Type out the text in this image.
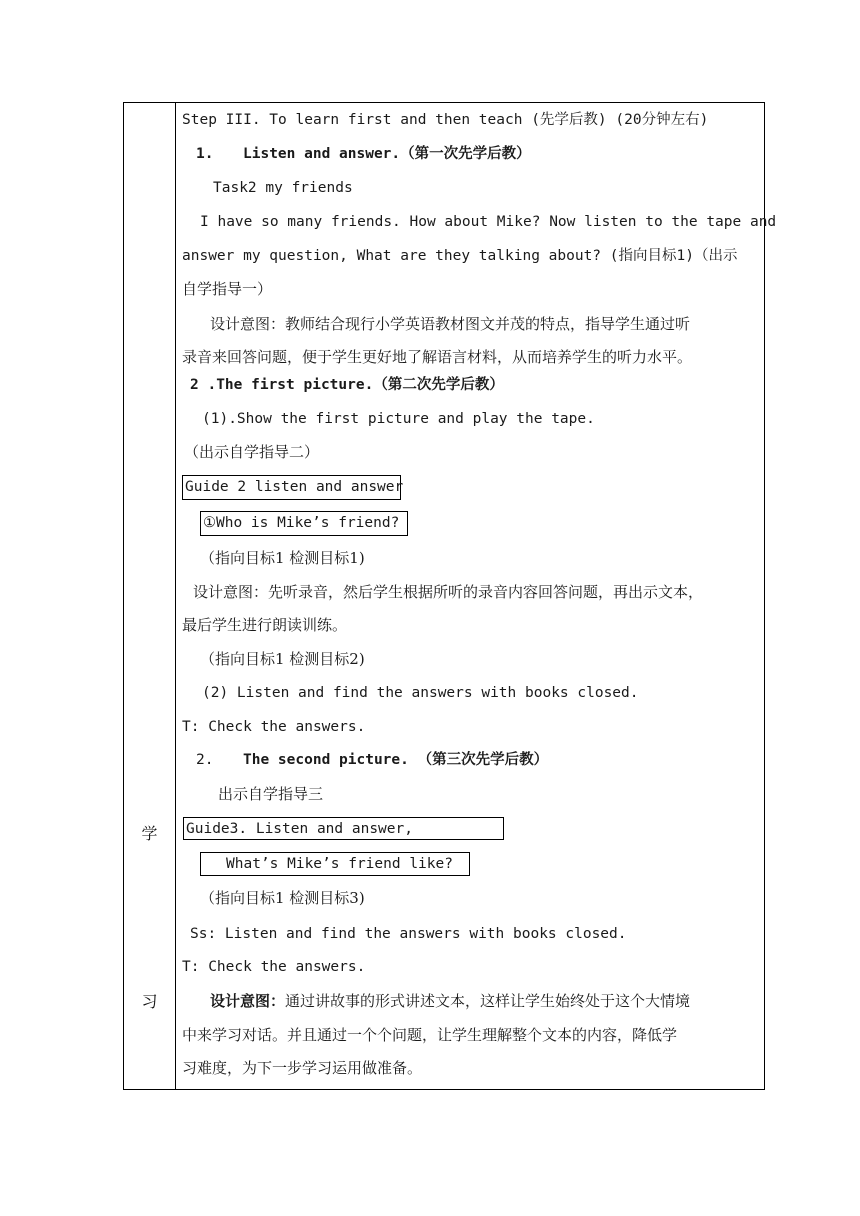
学
习
Step III. To learn first and then teach (先学后教) (20分钟左右)
1. Listen and answer.（第一次先学后教）
Task2 my friends
I have so many friends. How about Mike? Now listen to the tape and
answer my question, What are they talking about? (指向目标1)（出示
自学指导一）
设计意图：教师结合现行小学英语教材图文并茂的特点，指导学生通过听
录音来回答问题，便于学生更好地了解语言材料，从而培养学生的听力水平。
2 .The first picture.（第二次先学后教）
(1).Show the first picture and play the tape.
（出示自学指导二）
Guide 2 listen and answer
①Who is Mike’s friend?
（指向目标1 检测目标1)
设计意图：先听录音，然后学生根据所听的录音内容回答问题，再出示文本，
最后学生进行朗读训练。
（指向目标1 检测目标2)
(2) Listen and find the answers with books closed.
T: Check the answers.
2. The second picture. （第三次先学后教）
出示自学指导三
Guide3. Listen and answer,
What’s Mike’s friend like?
（指向目标1 检测目标3)
Ss: Listen and find the answers with books closed.
T: Check the answers.
设计意图：通过讲故事的形式讲述文本，这样让学生始终处于这个大情境
中来学习对话。并且通过一个个问题，让学生理解整个文本的内容，降低学
习难度，为下一步学习运用做准备。
